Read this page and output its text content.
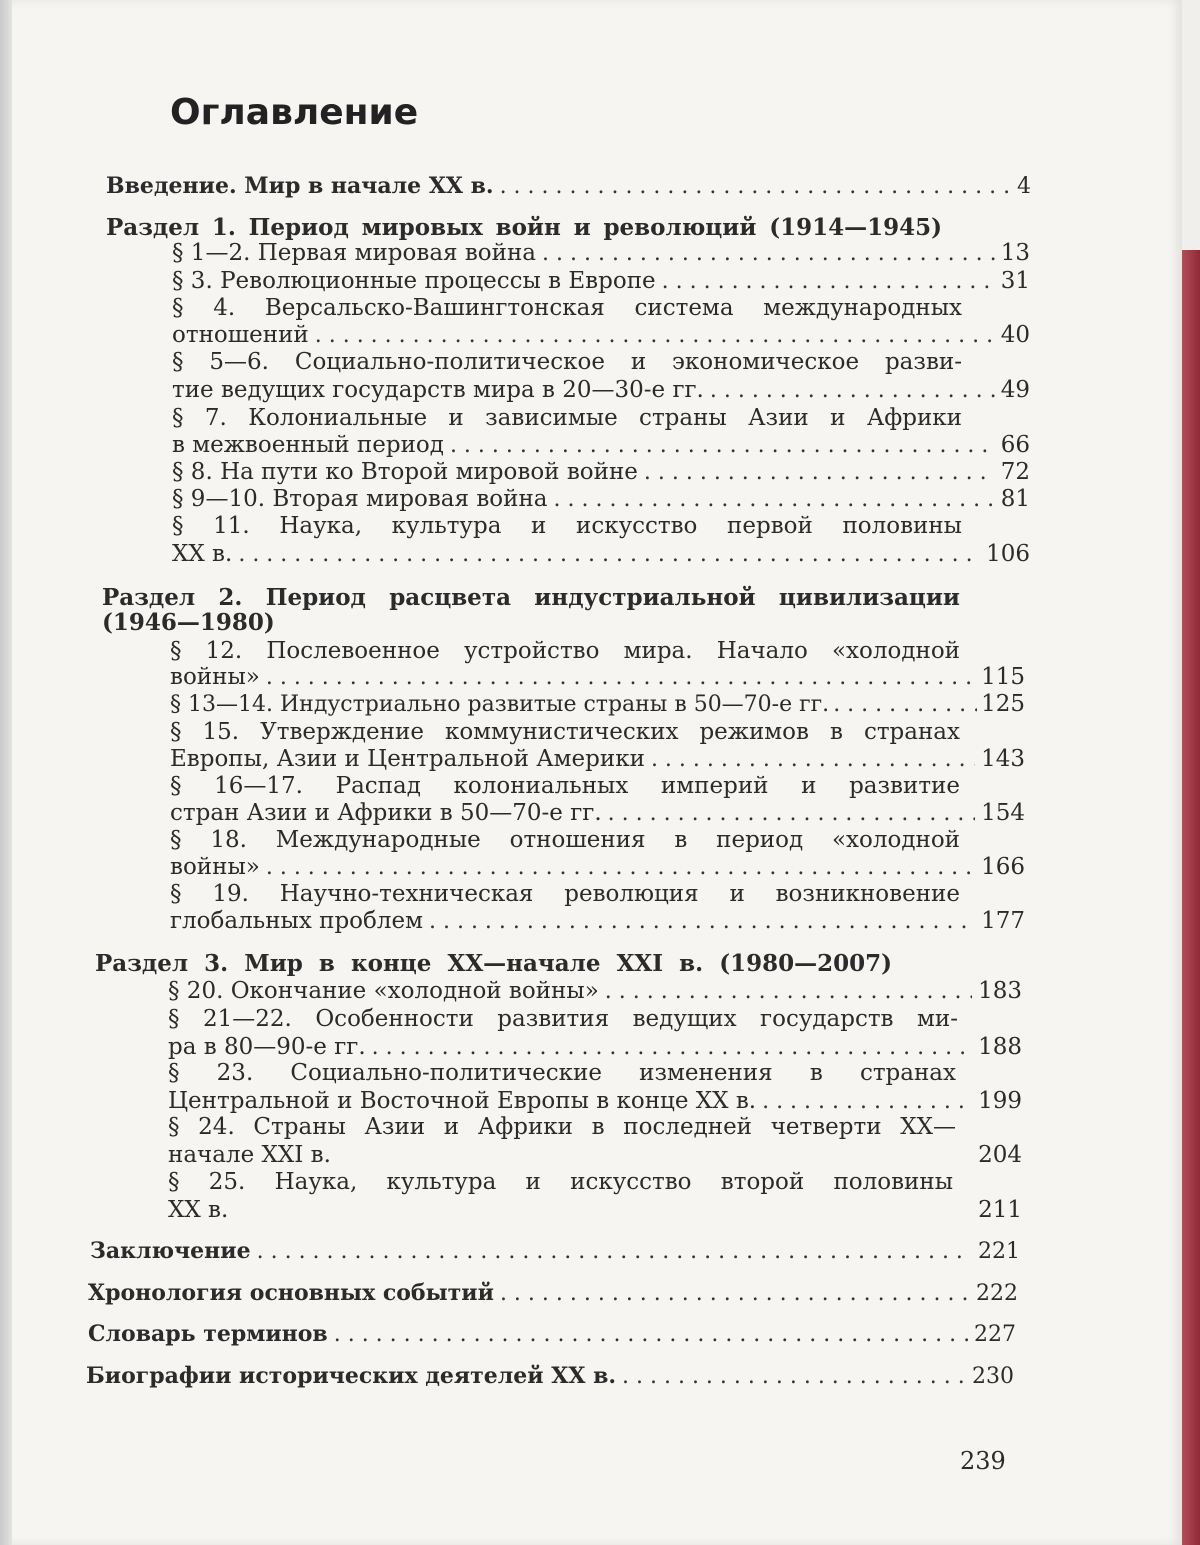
Оглавление
Введение. Мир в начале XX в. . . .	4
Раздел 1. Период мировых войн и революций (1914—1945)
§ 1—2. Первая мировая война . . .	13
§ 3. Революционные процессы в Европе . . .	31
§ 4. Версальско-Вашингтонская система международных
отношений . . .	40
§ 5—6. Социально-политическое и экономическое разви-
тие ведущих государств мира в 20—30-е гг. . . .	49
§ 7. Колониальные и зависимые страны Азии и Африки
в межвоенный период . . .	66
§ 8. На пути ко Второй мировой войне . . .	72
§ 9—10. Вторая мировая война . . .	81
§ 11. Наука, культура и искусство первой половины
XX в. . . .	106
Раздел 2. Период расцвета индустриальной цивилизации
(1946—1980)
§ 12. Послевоенное устройство мира. Начало «холодной
войны» . . .	115
§ 13—14. Индустриально развитые страны в 50—70-е гг. . . .	125
§ 15. Утверждение коммунистических режимов в странах
Европы, Азии и Центральной Америки . . .	143
§ 16—17. Распад колониальных империй и развитие
стран Азии и Африки в 50—70-е гг. . . .	154
§ 18. Международные отношения в период «холодной
войны» . . .	166
§ 19. Научно-техническая революция и возникновение
глобальных проблем . . .	177
Раздел 3. Мир в конце XX—начале XXI в. (1980—2007)
§ 20. Окончание «холодной войны» . . .	183
§ 21—22. Особенности развития ведущих государств ми-
ра в 80—90-е гг. . . .	188
§ 23. Социально-политические изменения в странах
Центральной и Восточной Европы в конце XX в. . . .	199
§ 24. Страны Азии и Африки в последней четверти XX—
начале XXI в.	204
§ 25. Наука, культура и искусство второй половины
XX в.	211
Заключение . . .	221
Хронология основных событий . . .	222
Словарь терминов . . .	227
Биографии исторических деятелей XX в. . . .	230
239
